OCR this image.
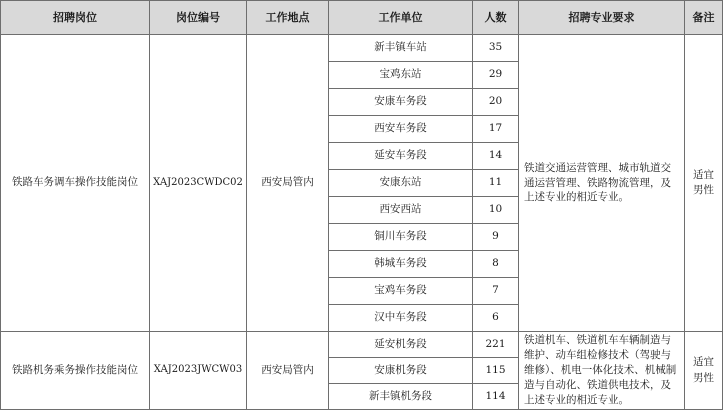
招聘岗位	岗位编号	工作地点	工作单位	人数	招聘专业要求	备注
铁路车务调车操作技能岗位	XAJ2023CWDC02	西安局管内	新丰镇车站	35	铁道交通运营管理、城市轨道交通运营管理、铁路物流管理，及上述专业的相近专业。	适宜
男性
			宝鸡东站	29		
			安康车务段	20		
			西安车务段	17		
			延安车务段	14		
			安康东站	11		
			西安西站	10		
			铜川车务段	9		
			韩城车务段	8		
			宝鸡车务段	7		
			汉中车务段	6		
铁路机务乘务操作技能岗位	XAJ2023JWCW03	西安局管内	延安机务段	221	铁道机车、铁道机车车辆制造与维护、动车组检修技术（驾驶与维修）、机电一体化技术、机械制造与自动化、铁道供电技术，及上述专业的相近专业。	适宜
男性
			安康机务段	115		
			新丰镇机务段	114		
